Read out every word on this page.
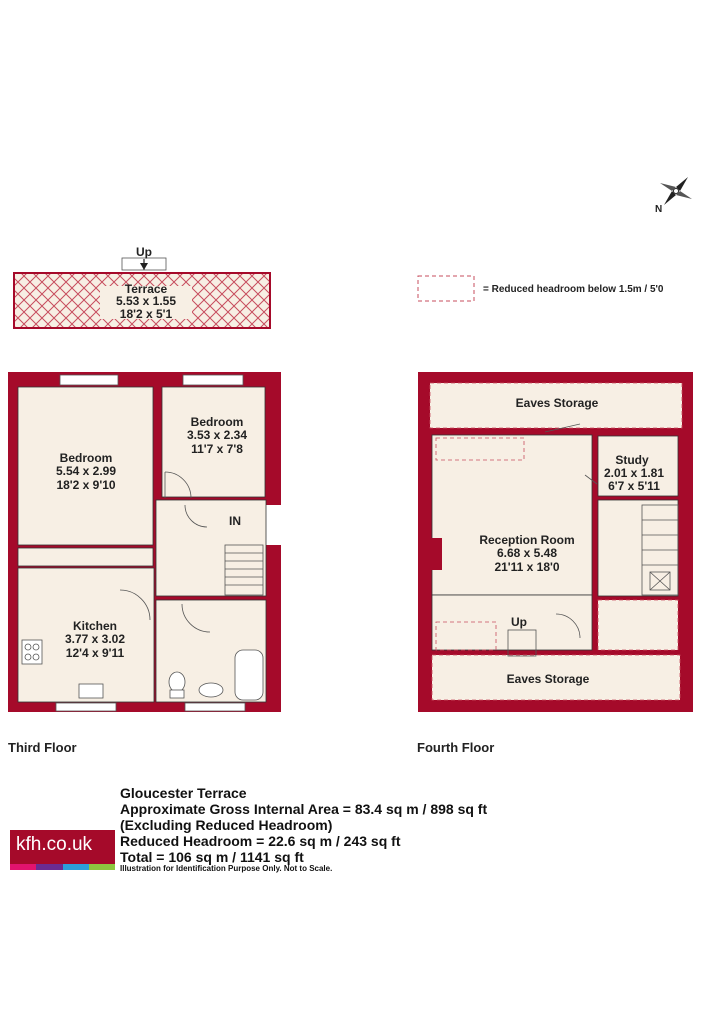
N
Up
Terrace
5.53 x 1.55
18'2 x 5'1
= Reduced headroom below 1.5m / 5'0
Bedroom
5.54 x 2.99
18'2 x 9'10
Bedroom
3.53 x 2.34
11'7 x 7'8
Kitchen
3.77 x 3.02
12'4 x 9'11
IN
Eaves Storage
Study
2.01 x 1.81
6'7 x 5'11
Reception Room
6.68 x 5.48
21'11 x 18'0
Up
Eaves Storage
Third Floor	Fourth Floor
kfh.co.uk
Gloucester Terrace
Approximate Gross Internal Area = 83.4 sq m / 898 sq ft
(Excluding Reduced Headroom)
Reduced Headroom = 22.6 sq m / 243 sq ft
Total = 106 sq m / 1141 sq ft
Illustration for Identification Purpose Only. Not to Scale.
